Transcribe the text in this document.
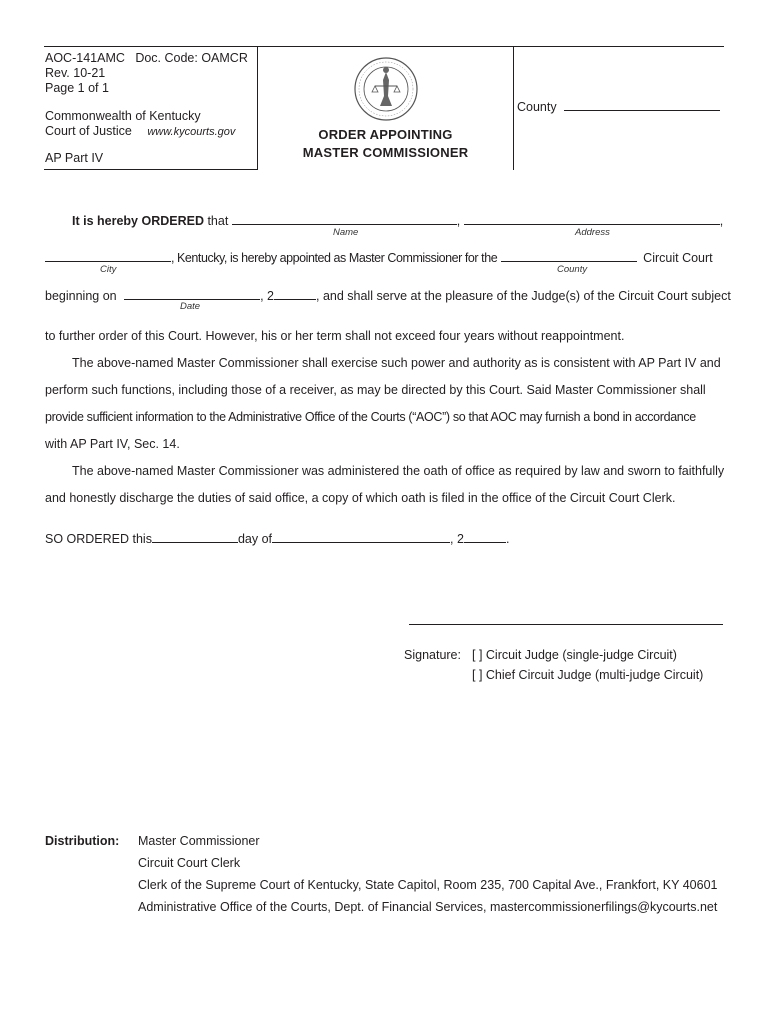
AOC-141AMC Doc. Code: OAMCR
Rev. 10-21
Page 1 of 1
Commonwealth of Kentucky
Court of Justice www.kycourts.gov
AP Part IV
ORDER APPOINTING
MASTER COMMISSIONER
County
It is hereby ORDERED that	,	,
Name	Address
, Kentucky, is hereby appointed as Master Commissioner for the	Circuit Court
City	County
beginning on	, 2	, and shall serve at the pleasure of the Judge(s) of the Circuit Court subject
Date
to further order of this Court. However, his or her term shall not exceed four years without reappointment.
The above-named Master Commissioner shall exercise such power and authority as is consistent with AP Part IV and
perform such functions, including those of a receiver, as may be directed by this Court. Said Master Commissioner shall
provide sufficient information to the Administrative Office of the Courts (“AOC”) so that AOC may furnish a bond in accordance
with AP Part IV, Sec. 14.
The above-named Master Commissioner was administered the oath of office as required by law and sworn to faithfully
and honestly discharge the duties of said office, a copy of which oath is filed in the office of the Circuit Court Clerk.
SO ORDERED this	day of	, 2	.
Signature: [ ] Circuit Judge (single-judge Circuit)
[ ] Chief Circuit Judge (multi-judge Circuit)
Distribution: Master Commissioner
Circuit Court Clerk
Clerk of the Supreme Court of Kentucky, State Capitol, Room 235, 700 Capital Ave., Frankfort, KY 40601
Administrative Office of the Courts, Dept. of Financial Services, mastercommissionerfilings@kycourts.net
